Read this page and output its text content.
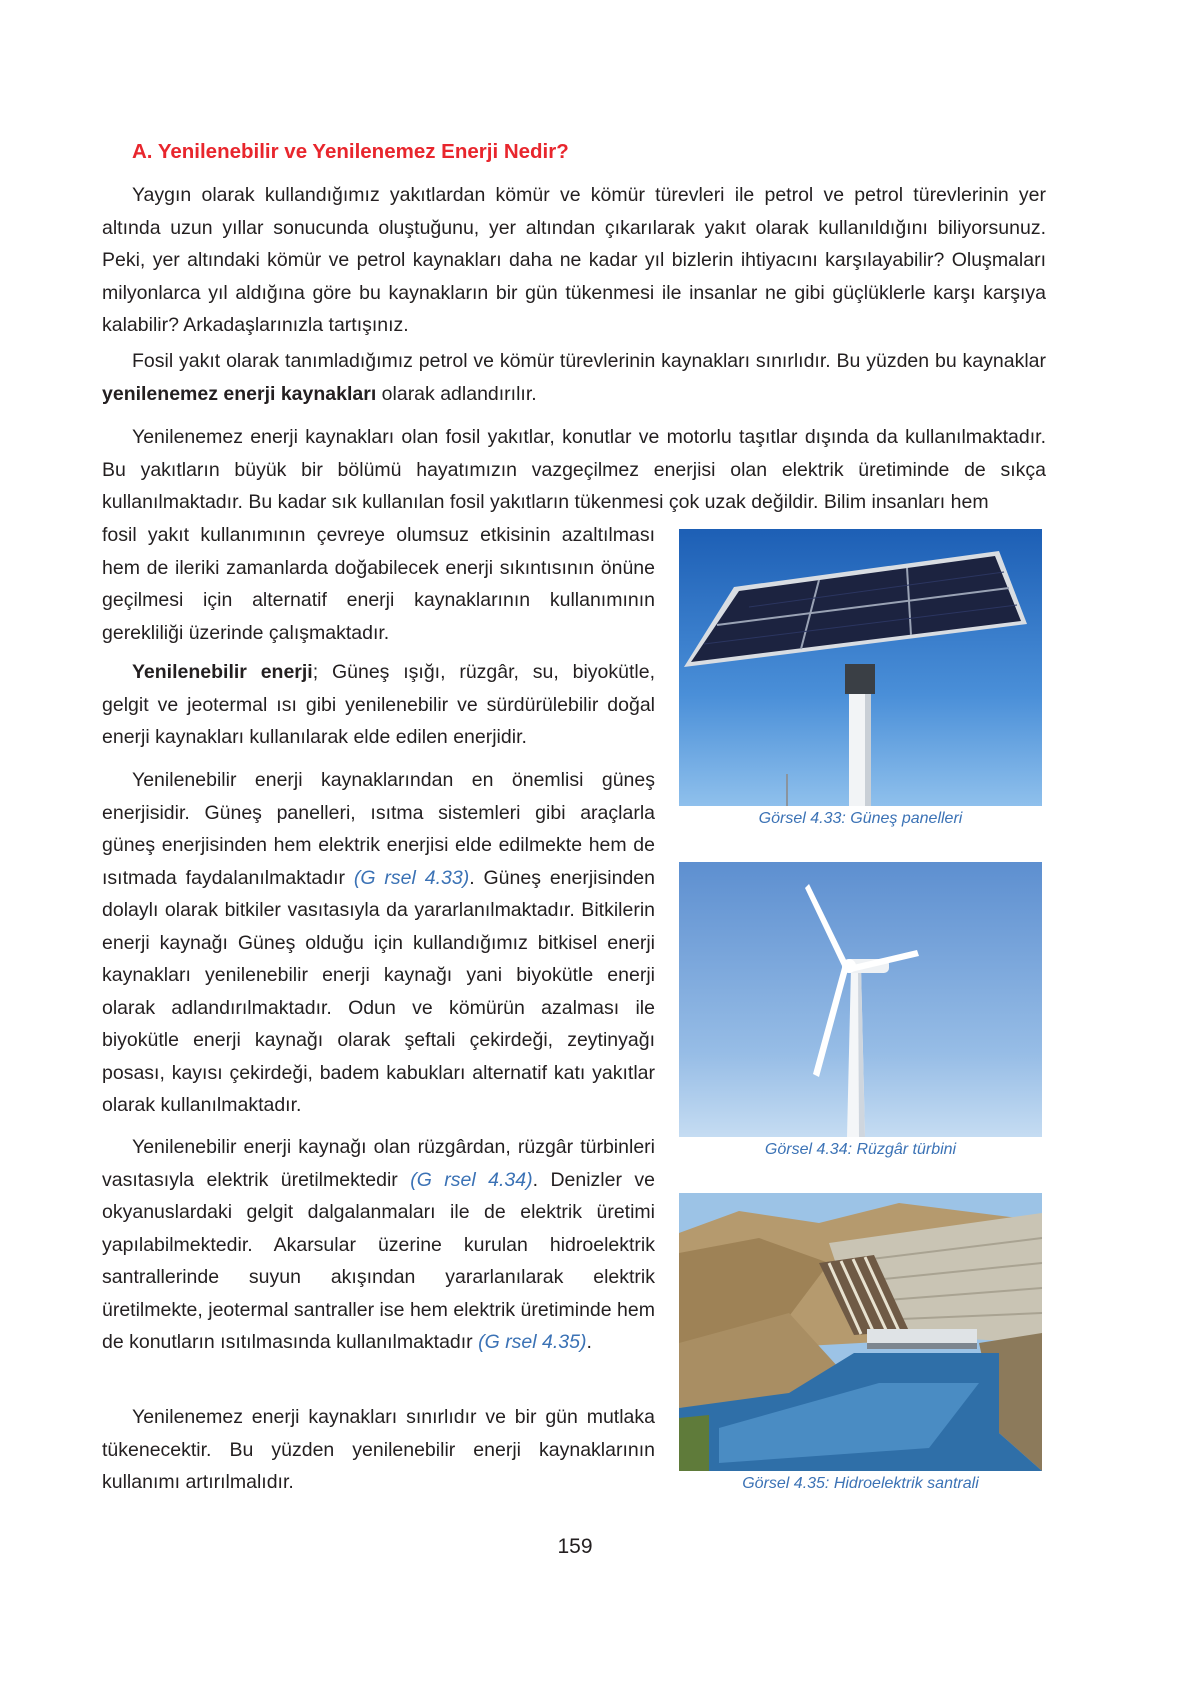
A. Yenilenebilir ve Yenilenemez Enerji Nedir?

Yaygın olarak kullandığımız yakıtlardan kömür ve kömür türevleri ile petrol ve petrol türevlerinin yer altında uzun yıllar sonucunda oluştuğunu, yer altından çıkarılarak yakıt olarak kullanıldığını biliyorsunuz. Peki, yer altındaki kömür ve petrol kaynakları daha ne kadar yıl bizlerin ihtiyacını karşılayabilir? Oluşmaları milyonlarca yıl aldığına göre bu kaynakların bir gün tükenmesi ile insanlar ne gibi güçlüklerle karşı karşıya kalabilir? Arkadaşlarınızla tartışınız.

Fosil yakıt olarak tanımladığımız petrol ve kömür türevlerinin kaynakları sınırlıdır. Bu yüzden bu kaynaklar yenilenemez enerji kaynakları olarak adlandırılır.

Yenilenemez enerji kaynakları olan fosil yakıtlar, konutlar ve motorlu taşıtlar dışında da kullanılmaktadır. Bu yakıtların büyük bir bölümü hayatımızın vazgeçilmez enerjisi olan elektrik üretiminde de sıkça kullanılmaktadır. Bu kadar sık kullanılan fosil yakıtların tükenmesi çok uzak değildir. Bilim insanları hem

fosil yakıt kullanımının çevreye olumsuz etkisinin azaltılması hem de ileriki zamanlarda doğabilecek enerji sıkıntısının önüne geçilmesi için alternatif enerji kaynaklarının kullanımının gerekliliği üzerinde çalışmaktadır.

Yenilenebilir enerji; Güneş ışığı, rüzgâr, su, biyokütle, gelgit ve jeotermal ısı gibi yenilenebilir ve sürdürülebilir doğal enerji kaynakları kullanılarak elde edilen enerjidir.

Yenilenebilir enerji kaynaklarından en önemlisi güneş enerjisidir. Güneş panelleri, ısıtma sistemleri gibi araçlarla güneş enerjisinden hem elektrik enerjisi elde edilmekte hem de ısıtmada faydalanılmaktadır (G rsel 4.33). Güneş enerjisinden dolaylı olarak bitkiler vasıtasıyla da yararlanılmaktadır. Bitkilerin enerji kaynağı Güneş olduğu için kullandığımız bitkisel enerji kaynakları yenilenebilir enerji kaynağı yani biyokütle enerji olarak adlandırılmaktadır. Odun ve kömürün azalması ile biyokütle enerji kaynağı olarak şeftali çekirdeği, zeytinyağı posası, kayısı çekirdeği, badem kabukları alternatif katı yakıtlar olarak kullanılmaktadır.

Yenilenebilir enerji kaynağı olan rüzgârdan, rüzgâr türbinleri vasıtasıyla elektrik üretilmektedir (G rsel 4.34). Denizler ve okyanuslardaki gelgit dalgalanmaları ile de elektrik üretimi yapılabilmektedir. Akarsular üzerine kurulan hidroelektrik santrallerinde suyun akışından yararlanılarak elektrik üretilmekte, jeotermal santraller ise hem elektrik üretiminde hem de konutların ısıtılmasında kullanılmaktadır (G rsel 4.35).

Yenilenemez enerji kaynakları sınırlıdır ve bir gün mutlaka tükenecektir. Bu yüzden yenilenebilir enerji kaynaklarının kullanımı artırılmalıdır.

Görsel 4.33: Güneş panelleri

Görsel 4.34: Rüzgâr türbini

Görsel 4.35: Hidroelektrik santrali

159
